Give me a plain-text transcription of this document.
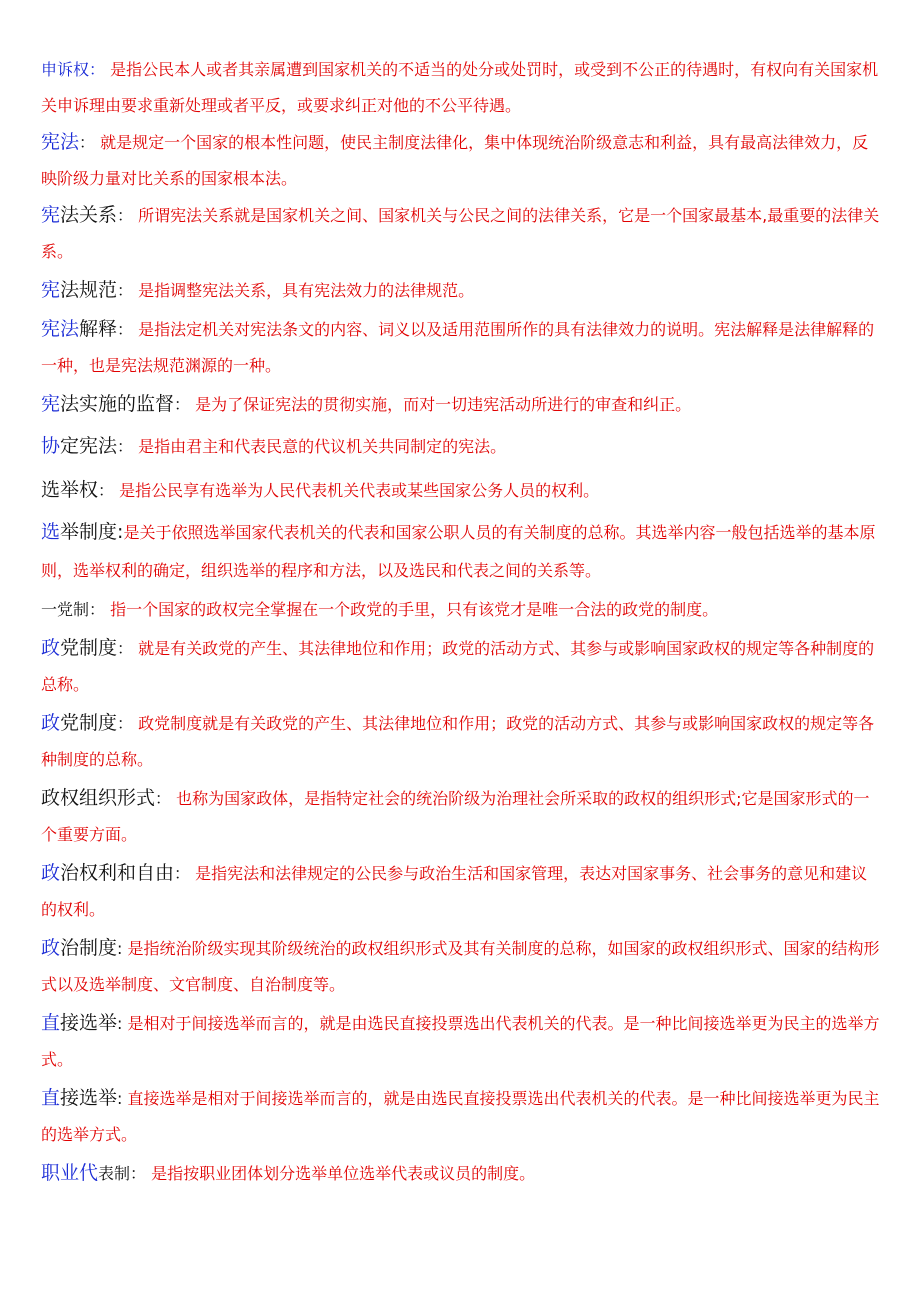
申诉权： 是指公民本人或者其亲属遭到国家机关的不适当的处分或处罚时，或受到不公正的待遇时，有权向有关国家机关申诉理由要求重新处理或者平反，或要求纠正对他的不公平待遇。

宪法： 就是规定一个国家的根本性问题，使民主制度法律化，集中体现统治阶级意志和利益，具有最高法律效力，反映阶级力量对比关系的国家根本法。

宪法关系： 所谓宪法关系就是国家机关之间、国家机关与公民之间的法律关系，它是一个国家最基本,最重要的法律关系。

宪法规范： 是指调整宪法关系，具有宪法效力的法律规范。

宪法解释： 是指法定机关对宪法条文的内容、词义以及适用范围所作的具有法律效力的说明。宪法解释是法律解释的一种，也是宪法规范渊源的一种。

宪法实施的监督： 是为了保证宪法的贯彻实施，而对一切违宪活动所进行的审查和纠正。

协定宪法： 是指由君主和代表民意的代议机关共同制定的宪法。

选举权： 是指公民享有选举为人民代表机关代表或某些国家公务人员的权利。

选举制度:是关于依照选举国家代表机关的代表和国家公职人员的有关制度的总称。其选举内容一般包括选举的基本原则，选举权利的确定，组织选举的程序和方法，以及选民和代表之间的关系等。

一党制： 指一个国家的政权完全掌握在一个政党的手里，只有该党才是唯一合法的政党的制度。

政党制度： 就是有关政党的产生、其法律地位和作用；政党的活动方式、其参与或影响国家政权的规定等各种制度的总称。

政党制度： 政党制度就是有关政党的产生、其法律地位和作用；政党的活动方式、其参与或影响国家政权的规定等各种制度的总称。

政权组织形式： 也称为国家政体，是指特定社会的统治阶级为治理社会所采取的政权的组织形式;它是国家形式的一个重要方面。

政治权利和自由： 是指宪法和法律规定的公民参与政治生活和国家管理，表达对国家事务、社会事务的意见和建议的权利。

政治制度: 是指统治阶级实现其阶级统治的政权组织形式及其有关制度的总称，如国家的政权组织形式、国家的结构形式以及选举制度、文官制度、自治制度等。

直接选举: 是相对于间接选举而言的，就是由选民直接投票选出代表机关的代表。是一种比间接选举更为民主的选举方式。

直接选举: 直接选举是相对于间接选举而言的，就是由选民直接投票选出代表机关的代表。是一种比间接选举更为民主的选举方式。

职业代表制： 是指按职业团体划分选举单位选举代表或议员的制度。
